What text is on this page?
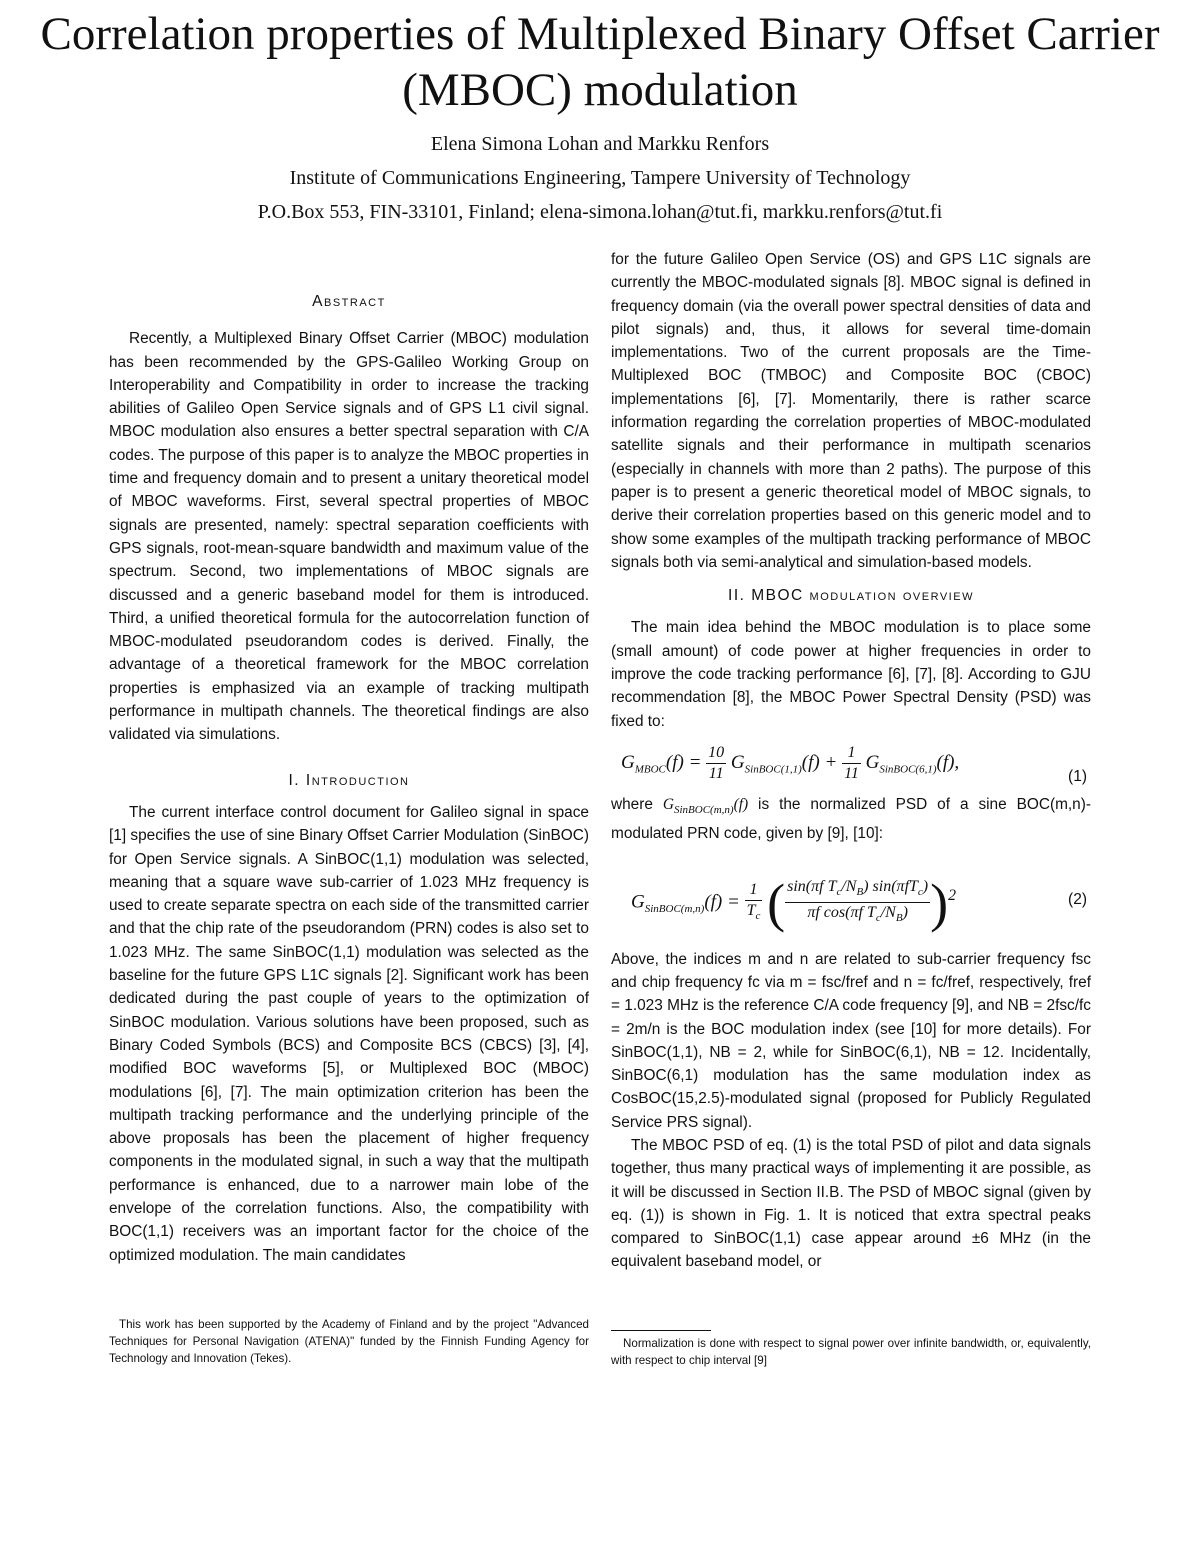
Correlation properties of Multiplexed Binary Offset Carrier (MBOC) modulation
Elena Simona Lohan and Markku Renfors
Institute of Communications Engineering, Tampere University of Technology
P.O.Box 553, FIN-33101, Finland; elena-simona.lohan@tut.fi, markku.renfors@tut.fi
Abstract

Recently, a Multiplexed Binary Offset Carrier (MBOC) modulation has been recommended by the GPS-Galileo Working Group on Interoperability and Compatibility in order to increase the tracking abilities of Galileo Open Service signals and of GPS L1 civil signal. MBOC modulation also ensures a better spectral separation with C/A codes. The purpose of this paper is to analyze the MBOC properties in time and frequency domain and to present a unitary theoretical model of MBOC waveforms. First, several spectral properties of MBOC signals are presented, namely: spectral separation coefficients with GPS signals, root-mean-square bandwidth and maximum value of the spectrum. Second, two implementations of MBOC signals are discussed and a generic baseband model for them is introduced. Third, a unified theoretical formula for the autocorrelation function of MBOC-modulated pseudorandom codes is derived. Finally, the advantage of a theoretical framework for the MBOC correlation properties is emphasized via an example of tracking multipath performance in multipath channels. The theoretical findings are also validated via simulations.

I. Introduction

The current interface control document for Galileo signal in space [1] specifies the use of sine Binary Offset Carrier Modulation (SinBOC) for Open Service signals. A SinBOC(1,1) modulation was selected, meaning that a square wave sub-carrier of 1.023 MHz frequency is used to create separate spectra on each side of the transmitted carrier and that the chip rate of the pseudorandom (PRN) codes is also set to 1.023 MHz. The same SinBOC(1,1) modulation was selected as the baseline for the future GPS L1C signals [2]. Significant work has been dedicated during the past couple of years to the optimization of SinBOC modulation. Various solutions have been proposed, such as Binary Coded Symbols (BCS) and Composite BCS (CBCS) [3], [4], modified BOC waveforms [5], or Multiplexed BOC (MBOC) modulations [6], [7]. The main optimization criterion has been the multipath tracking performance and the underlying principle of the above proposals has been the placement of higher frequency components in the modulated signal, in such a way that the multipath performance is enhanced, due to a narrower main lobe of the envelope of the correlation functions. Also, the compatibility with BOC(1,1) receivers was an important factor for the choice of the optimized modulation. The main candidates

This work has been supported by the Academy of Finland and by the project "Advanced Techniques for Personal Navigation (ATENA)" funded by the Finnish Funding Agency for Technology and Innovation (Tekes).

for the future Galileo Open Service (OS) and GPS L1C signals are currently the MBOC-modulated signals [8]. MBOC signal is defined in frequency domain (via the overall power spectral densities of data and pilot signals) and, thus, it allows for several time-domain implementations. Two of the current proposals are the Time-Multiplexed BOC (TMBOC) and Composite BOC (CBOC) implementations [6], [7]. Momentarily, there is rather scarce information regarding the correlation properties of MBOC-modulated satellite signals and their performance in multipath scenarios (especially in channels with more than 2 paths). The purpose of this paper is to present a generic theoretical model of MBOC signals, to derive their correlation properties based on this generic model and to show some examples of the multipath tracking performance of MBOC signals both via semi-analytical and simulation-based models.

II. MBOC modulation overview

The main idea behind the MBOC modulation is to place some (small amount) of code power at higher frequencies in order to improve the code tracking performance [6], [7], [8]. According to GJU recommendation [8], the MBOC Power Spectral Density (PSD) was fixed to:

$G_{MBOC}(f) = \frac{10}{11} G_{SinBOC(1,1)}(f) + \frac{1}{11} G_{SinBOC(6,1)}(f)$,
(1)

where $G_{SinBOC(m,n)}(f)$ is the normalized PSD of a sine BOC(m,n)-modulated PRN code, given by [9], [10]:

$G_{SinBOC(m,n)}(f) = \frac{1}{T_c}$ ( $\frac{\sin(\pi f T_c/N_B) \sin(\pi fT_c)}{\pi f \cos(\pi f T_c/N_B)} )^2$	(2)

Above, the indices m and n are related to sub-carrier frequency fsc and chip frequency fc via m = fsc/fref and n = fc/fref, respectively, fref = 1.023 MHz is the reference C/A code frequency [9], and NB = 2fsc/fc = 2m/n is the BOC modulation index (see [10] for more details). For SinBOC(1,1), NB = 2, while for SinBOC(6,1), NB = 12. Incidentally, SinBOC(6,1) modulation has the same modulation index as CosBOC(15,2.5)-modulated signal (proposed for Publicly Regulated Service PRS signal).

The MBOC PSD of eq. (1) is the total PSD of pilot and data signals together, thus many practical ways of implementing it are possible, as it will be discussed in Section II.B. The PSD of MBOC signal (given by eq. (1)) is shown in Fig. 1. It is noticed that extra spectral peaks compared to SinBOC(1,1) case appear around ±6 MHz (in the equivalent baseband model, or

Normalization is done with respect to signal power over infinite bandwidth, or, equivalently, with respect to chip interval [9]
